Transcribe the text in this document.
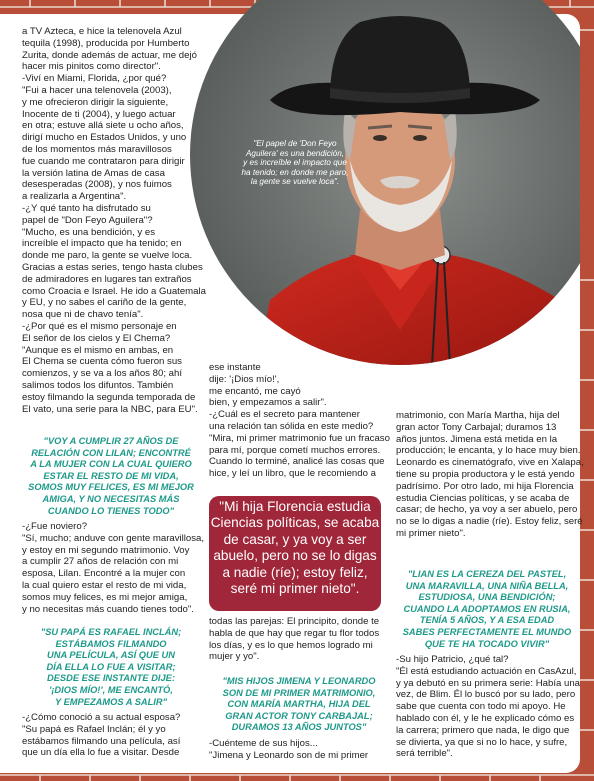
"El papel de 'Don Feyo
Aguilera' es una bendición,
y es increíble el impacto que
ha tenido; en donde me paro,
la gente se vuelve loca".
a TV Azteca, e hice la telenovela Azul
tequila (1998), producida por Humberto
Zurita, donde además de actuar, me dejó
hacer mis pinitos como director".
-Viví en Miami, Florida, ¿por qué?
"Fui a hacer una telenovela (2003),
y me ofrecieron dirigir la siguiente,
Inocente de ti (2004), y luego actuar
en otra; estuve allá siete u ocho años,
dirigí mucho en Estados Unidos, y uno
de los momentos más maravillosos
fue cuando me contrataron para dirigir
la versión latina de Amas de casa
desesperadas (2008), y nos fuimos
a realizarla a Argentina".
-¿Y qué tanto ha disfrutado su
papel de "Don Feyo Aguilera"?
"Mucho, es una bendición, y es
increíble el impacto que ha tenido; en
donde me paro, la gente se vuelve loca.
Gracias a estas series, tengo hasta clubes
de admiradores en lugares tan extraños
como Croacia e Israel. He ido a Guatemala
y EU, y no sabes el cariño de la gente,
nosa que ni de chavo tenía".
-¿Por qué es el mismo personaje en
El señor de los cielos y El Chema?
"Aunque es el mismo en ambas, en
El Chema se cuenta cómo fueron sus
comienzos, y se va a los años 80; ahí
salimos todos los difuntos. También
estoy filmando la segunda temporada de
El vato, una serie para la NBC, para EU".
"VOY A CUMPLIR 27 AÑOS DE
RELACIÓN CON LILAN; ENCONTRÉ
A LA MUJER CON LA CUAL QUIERO
ESTAR EL RESTO DE MI VIDA,
SOMOS MUY FELICES, ES MI MEJOR
AMIGA, Y NO NECESITAS MÁS
CUANDO LO TIENES TODO"
-¿Fue noviero?
"Sí, mucho; anduve con gente maravillosa,
y estoy en mi segundo matrimonio. Voy
a cumplir 27 años de relación con mi
esposa, Lilan. Encontré a la mujer con
la cual quiero estar el resto de mi vida,
somos muy felices, es mi mejor amiga,
y no necesitas más cuando tienes todo".
"SU PAPÁ ES RAFAEL INCLÁN;
ESTÁBAMOS FILMANDO
UNA PELÍCULA, ASÍ QUE UN
DÍA ELLA LO FUE A VISITAR;
DESDE ESE INSTANTE DIJE:
'¡DIOS MÍO!', ME ENCANTÓ,
Y EMPEZAMOS A SALIR"
-¿Cómo conoció a su actual esposa?
"Su papá es Rafael Inclán; él y yo
estábamos filmando una película, así
que un día ella lo fue a visitar. Desde
ese instante
dije: '¡Dios mío!',
me encantó, me cayó
bien, y empezamos a salir".
-¿Cuál es el secreto para mantener
una relación tan sólida en este medio?
"Mira, mi primer matrimonio fue un fracaso
para mí, porque cometí muchos errores.
Cuando lo terminé, analicé las cosas que
hice, y leí un libro, que le recomiendo a
"Mi hija Florencia estudia
Ciencias políticas, se acaba
de casar, y ya voy a ser
abuelo, pero no se lo digas
a nadie (ríe); estoy feliz,
seré mi primer nieto".
todas las parejas: El principito, donde te
habla de que hay que regar tu flor todos
los días, y es lo que hemos logrado mi
mujer y yo".
"MIS HIJOS JIMENA Y LEONARDO
SON DE MI PRIMER MATRIMONIO,
CON MARÍA MARTHA, HIJA DEL
GRAN ACTOR TONY CARBAJAL;
DURAMOS 13 AÑOS JUNTOS"
-Cuénteme de sus hijos...
"Jimena y Leonardo son de mi primer
matrimonio, con María Martha, hija del
gran actor Tony Carbajal; duramos 13
años juntos. Jimena está metida en la
producción; le encanta, y lo hace muy bien.
Leonardo es cinematógrafo, vive en Xalapa,
tiene su propia productora y le está yendo
padrísimo. Por otro lado, mi hija Florencia
estudia Ciencias políticas, y se acaba de
casar; de hecho, ya voy a ser abuelo, pero
no se lo digas a nadie (ríe). Estoy feliz, seré
mi primer nieto".
"LIAN ES LA CEREZA DEL PASTEL,
UNA MARAVILLA, UNA NIÑA BELLA,
ESTUDIOSA, UNA BENDICIÓN;
CUANDO LA ADOPTAMOS EN RUSIA,
TENÍA 5 AÑOS, Y A ESA EDAD
SABES PERFECTAMENTE EL MUNDO
QUE TE HA TOCADO VIVIR"
-Su hijo Patricio, ¿qué tal?
"Él está estudiando actuación en CasAzul,
y ya debutó en su primera serie: Había una
vez, de Blim. Él lo buscó por su lado, pero
sabe que cuenta con todo mi apoyo. He
hablado con él, y le he explicado cómo es
la carrera; primero que nada, le digo que
se divierta, ya que si no lo hace, y sufre,
será terrible".
